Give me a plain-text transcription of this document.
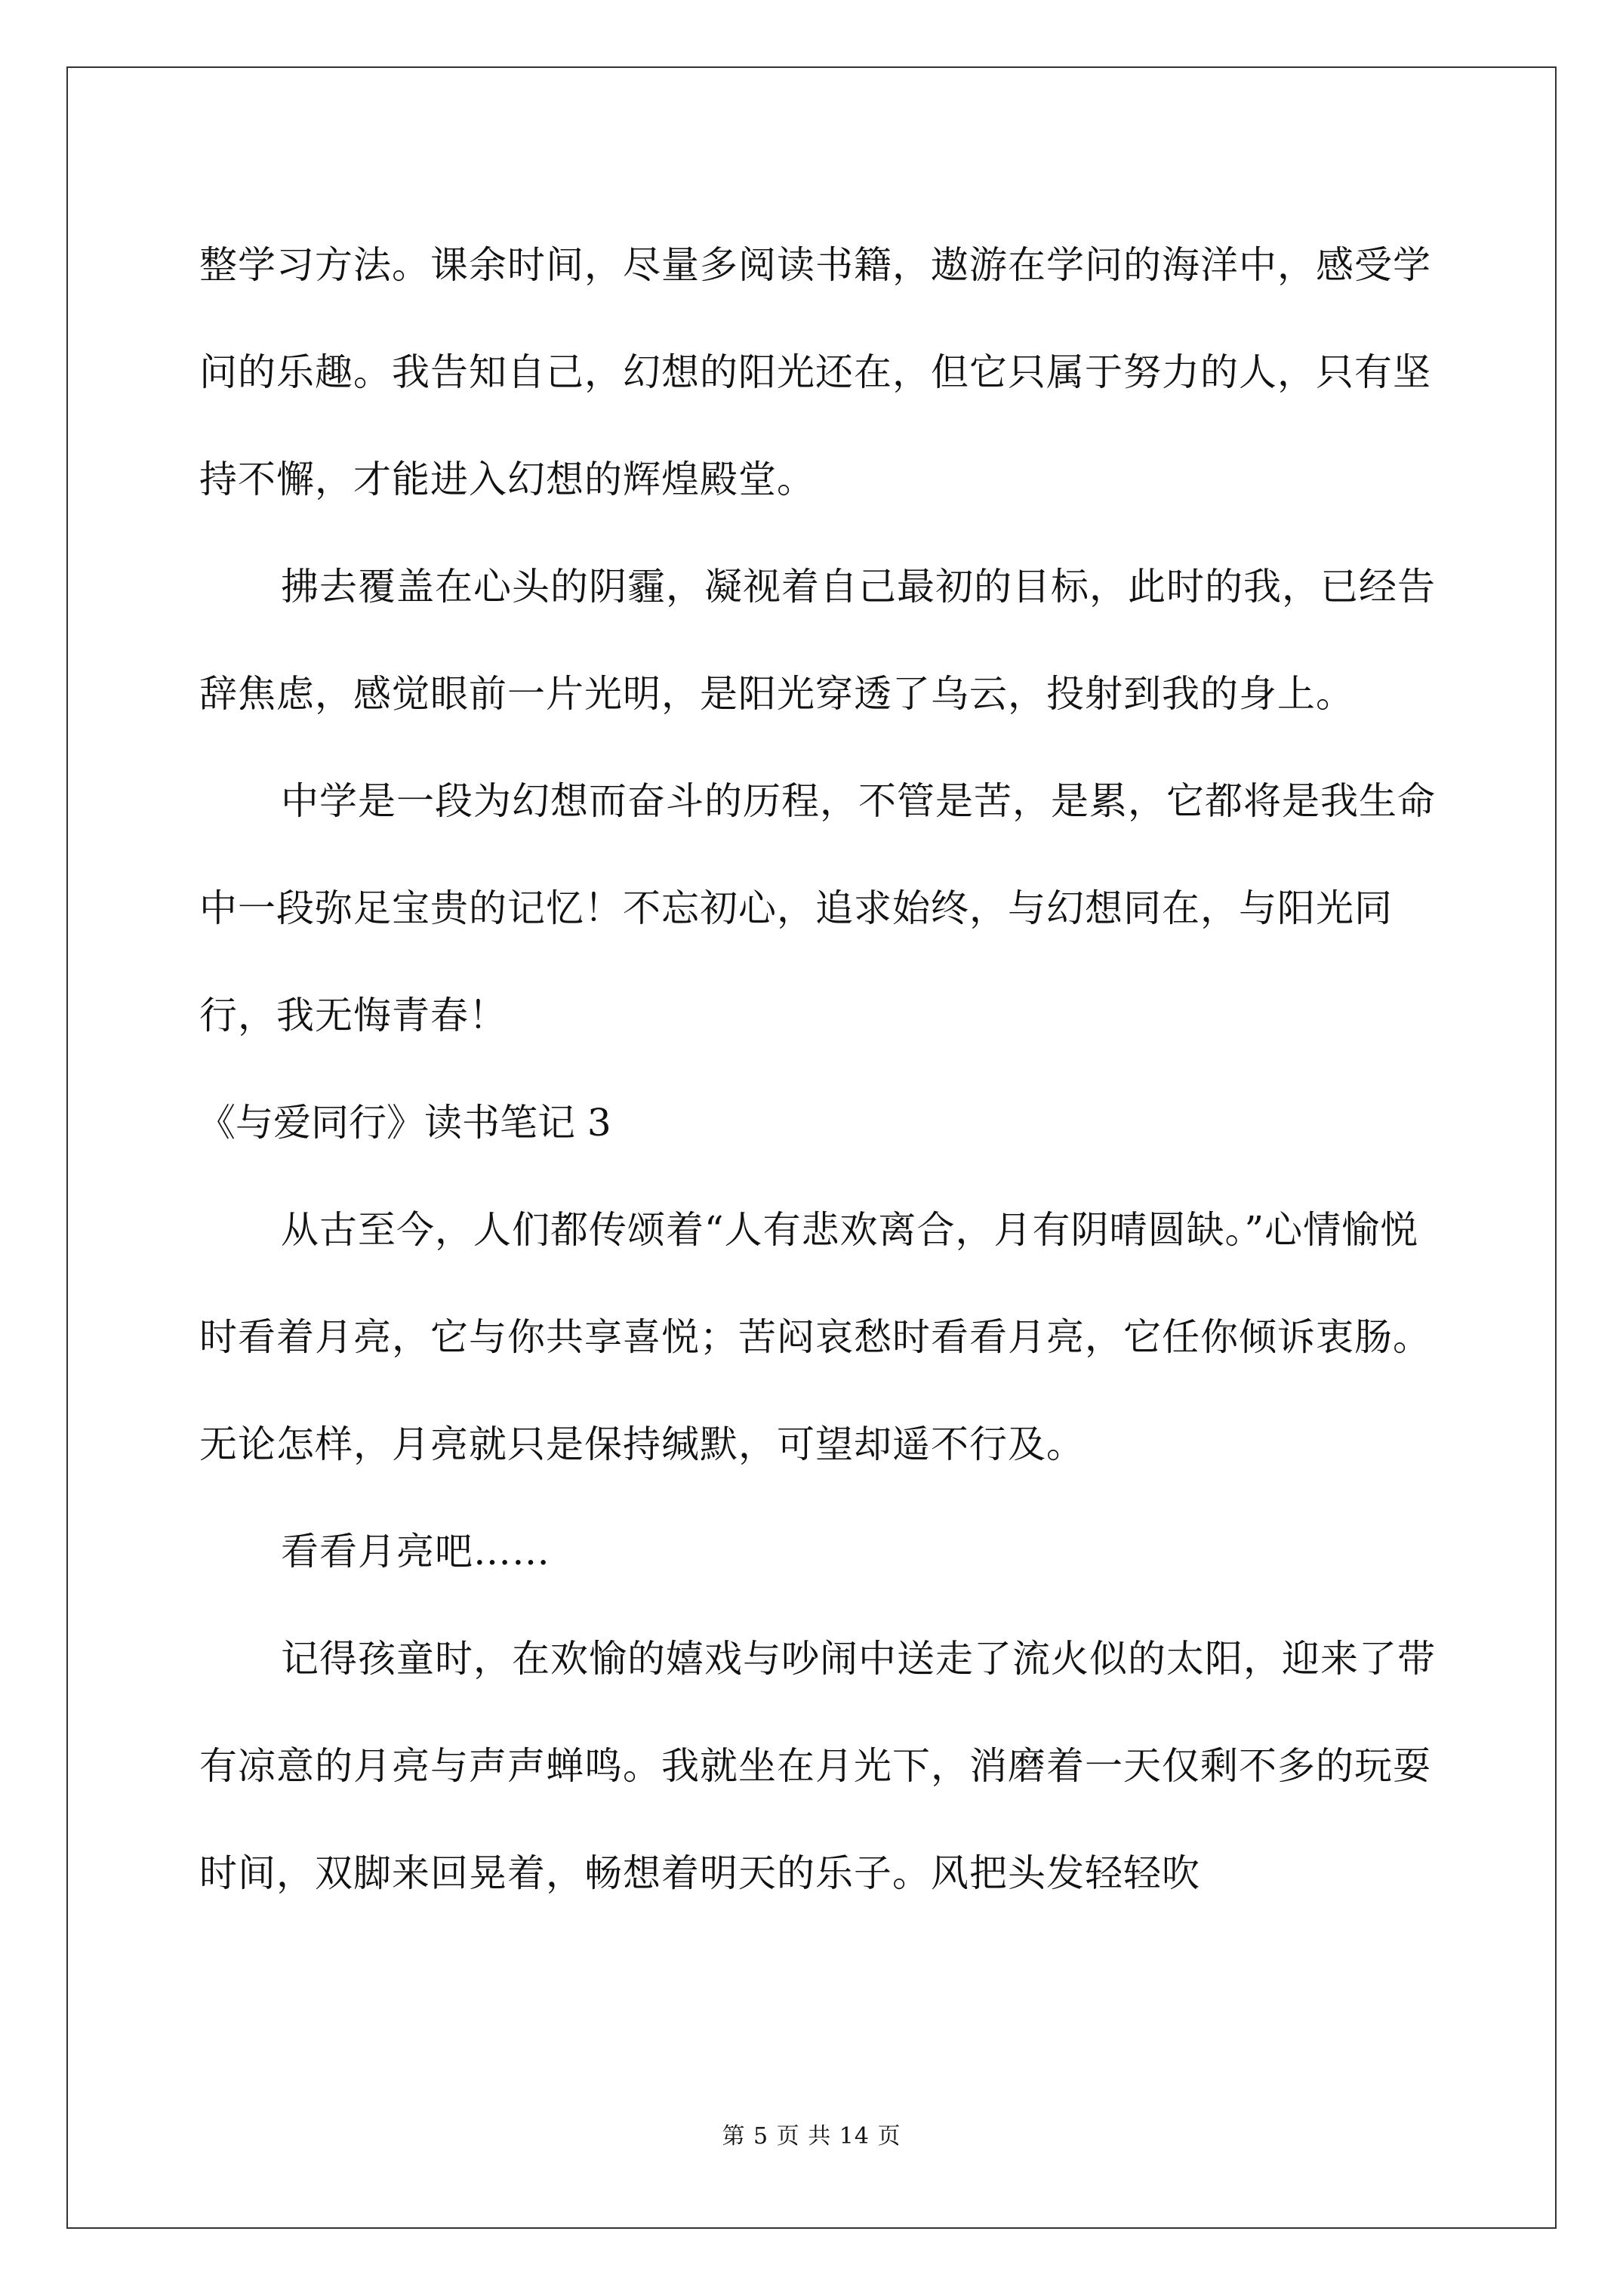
整学习方法。课余时间，尽量多阅读书籍，遨游在学问的海洋中，感受学问的乐趣。我告知自己，幻想的阳光还在，但它只属于努力的人，只有坚持不懈，才能进入幻想的辉煌殿堂。

拂去覆盖在心头的阴霾，凝视着自己最初的目标，此时的我，已经告辞焦虑，感觉眼前一片光明，是阳光穿透了乌云，投射到我的身上。

中学是一段为幻想而奋斗的历程，不管是苦，是累，它都将是我生命中一段弥足宝贵的记忆！不忘初心，追求始终，与幻想同在，与阳光同行，我无悔青春！

《与爱同行》读书笔记 3

从古至今，人们都传颂着“人有悲欢离合，月有阴晴圆缺。”心情愉悦时看着月亮，它与你共享喜悦；苦闷哀愁时看看月亮，它任你倾诉衷肠。无论怎样，月亮就只是保持缄默，可望却遥不行及。

看看月亮吧……

记得孩童时，在欢愉的嬉戏与吵闹中送走了流火似的太阳，迎来了带有凉意的月亮与声声蝉鸣。我就坐在月光下，消磨着一天仅剩不多的玩耍时间，双脚来回晃着，畅想着明天的乐子。风把头发轻轻吹

第 5 页 共 14 页
